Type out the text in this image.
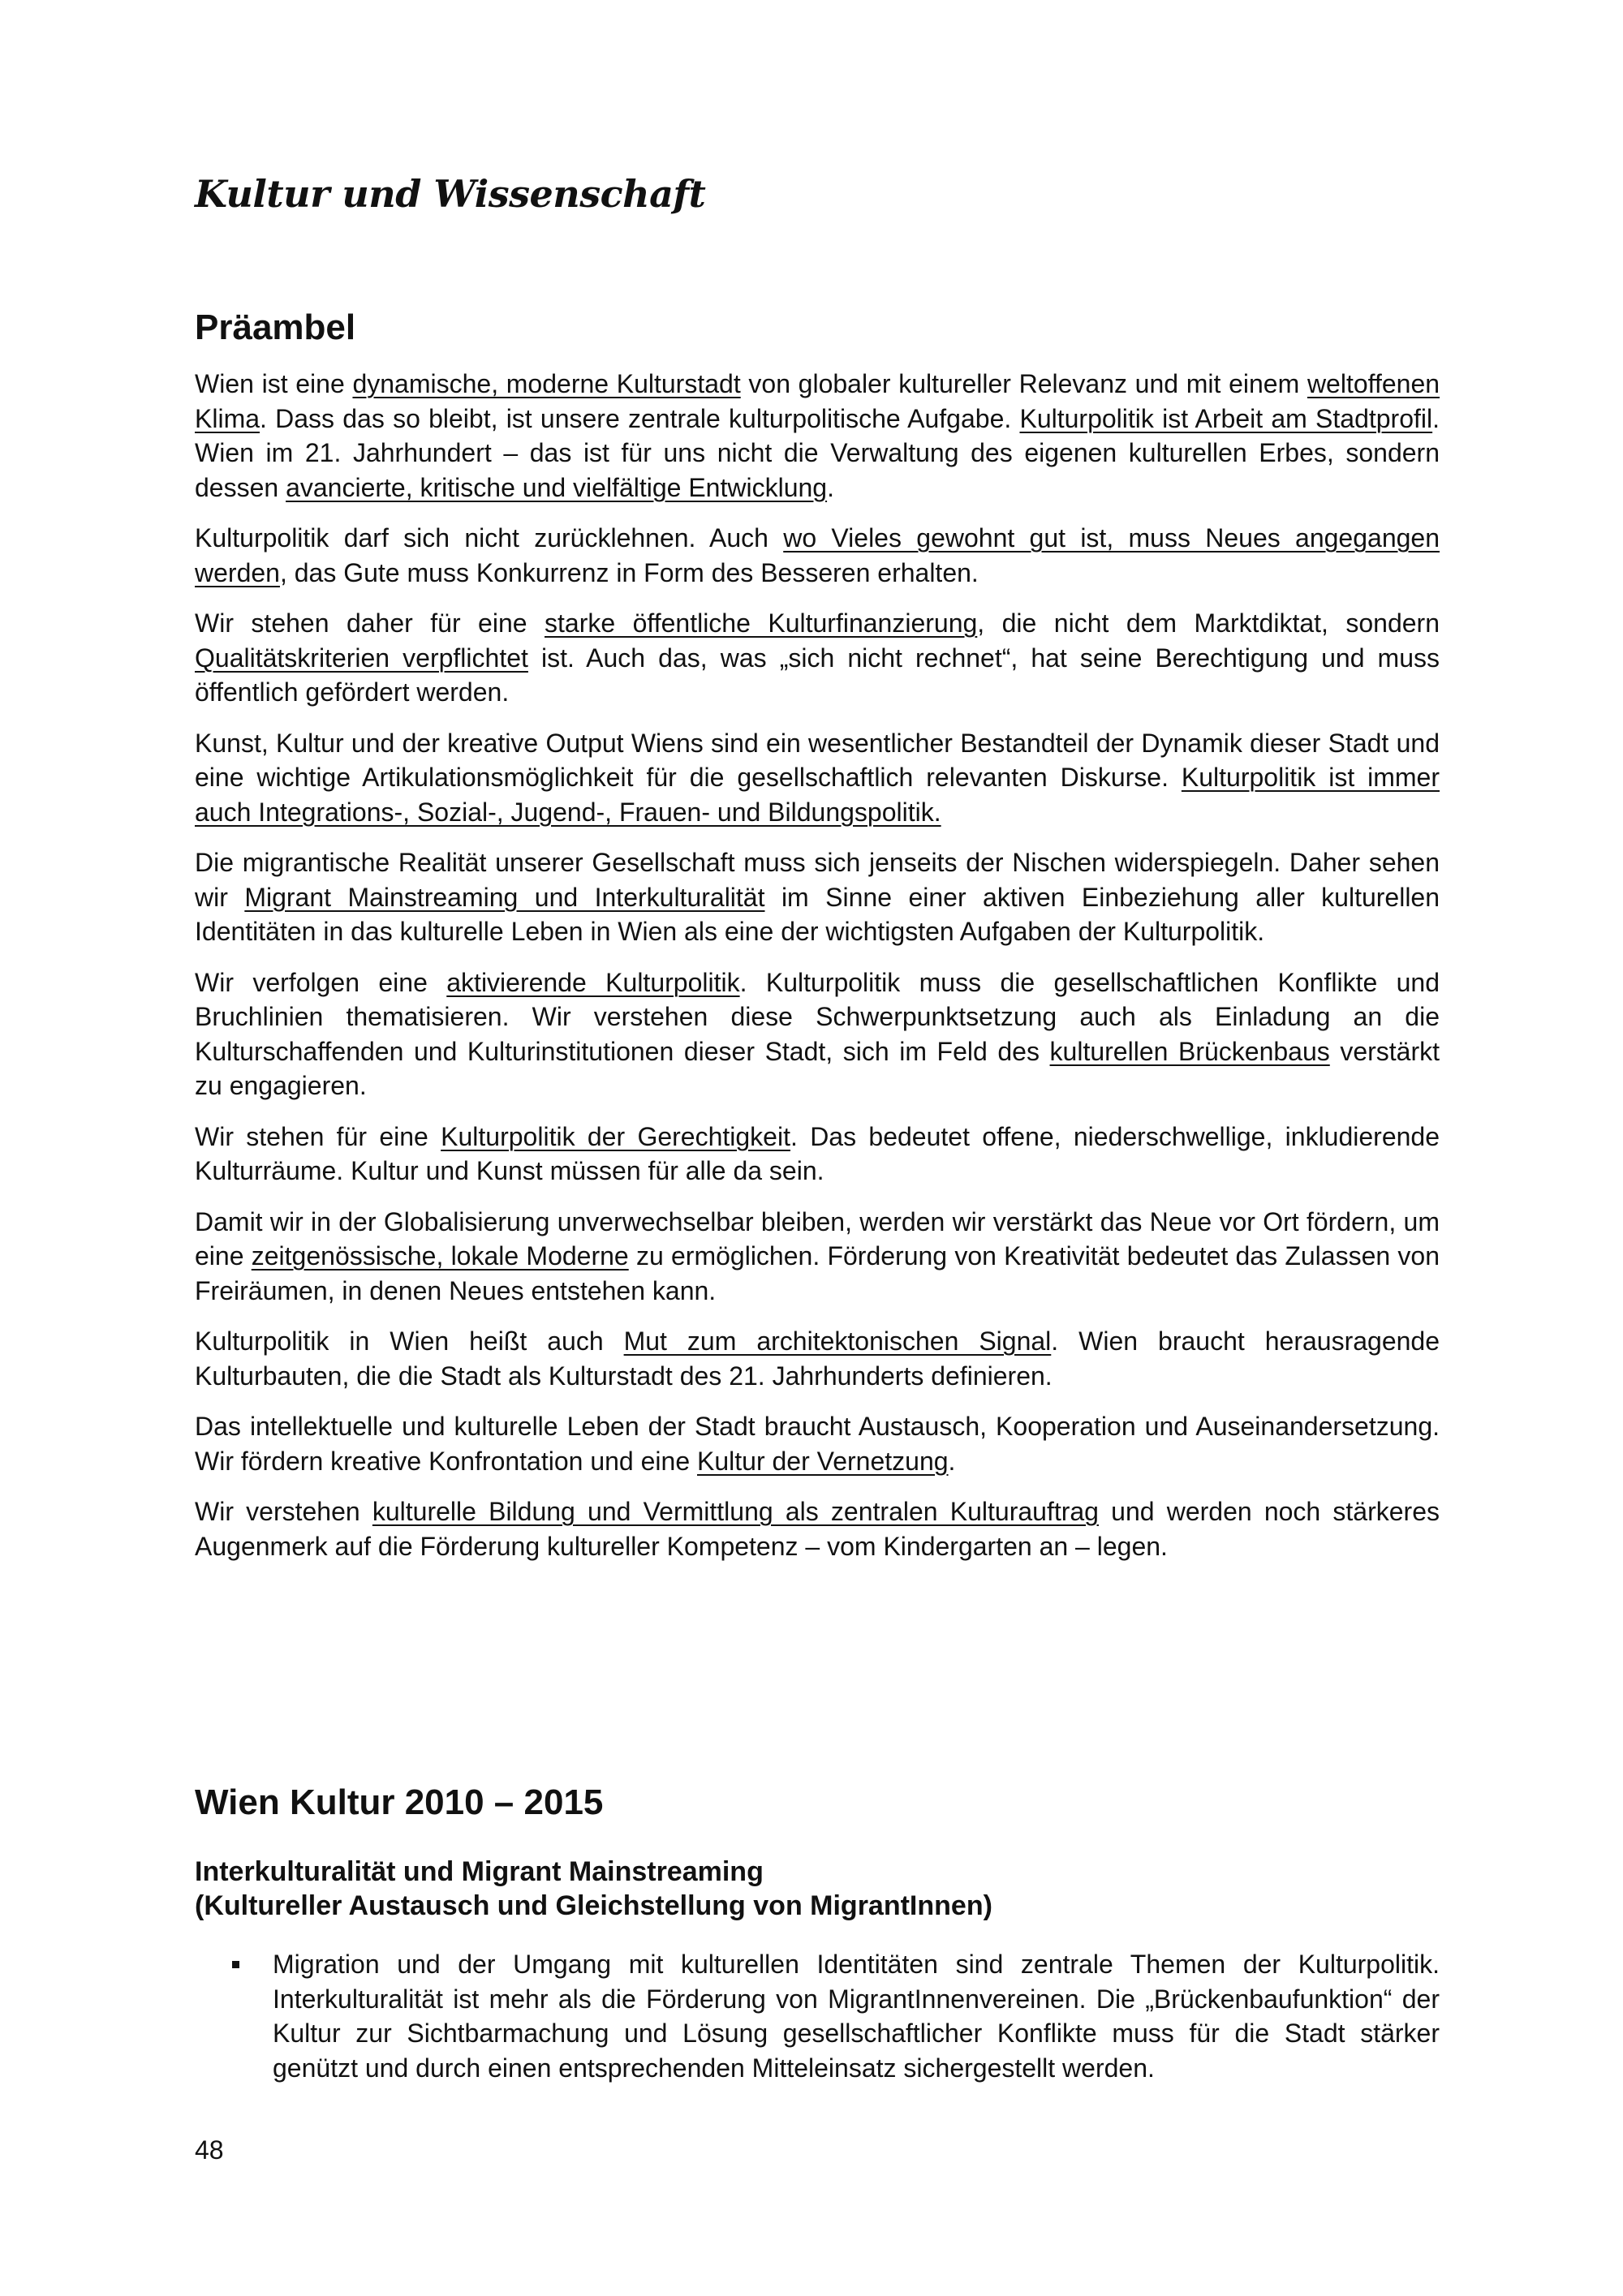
Kultur und Wissenschaft
Präambel

Wien ist eine dynamische, moderne Kulturstadt von globaler kultureller Relevanz und mit einem weltoffenen Klima. Dass das so bleibt, ist unsere zentrale kulturpolitische Aufgabe. Kulturpolitik ist Arbeit am Stadtprofil. Wien im 21. Jahrhundert – das ist für uns nicht die Verwaltung des eigenen kulturellen Erbes, sondern dessen avancierte, kritische und vielfältige Entwicklung.

Kulturpolitik darf sich nicht zurücklehnen. Auch wo Vieles gewohnt gut ist, muss Neues angegangen werden, das Gute muss Konkurrenz in Form des Besseren erhalten.

Wir stehen daher für eine starke öffentliche Kulturfinanzierung, die nicht dem Marktdiktat, sondern Qualitätskriterien verpflichtet ist. Auch das, was „sich nicht rechnet“, hat seine Berechtigung und muss öffentlich gefördert werden.

Kunst, Kultur und der kreative Output Wiens sind ein wesentlicher Bestandteil der Dynamik dieser Stadt und eine wichtige Artikulationsmöglichkeit für die gesellschaftlich relevanten Diskurse. Kulturpolitik ist immer auch Integrations-, Sozial-, Jugend-, Frauen- und Bildungspolitik.

Die migrantische Realität unserer Gesellschaft muss sich jenseits der Nischen widerspiegeln. Daher sehen wir Migrant Mainstreaming und Interkulturalität im Sinne einer aktiven Einbeziehung aller kulturellen Identitäten in das kulturelle Leben in Wien als eine der wichtigsten Aufgaben der Kulturpolitik.

Wir verfolgen eine aktivierende Kulturpolitik. Kulturpolitik muss die gesellschaftlichen Konflikte und Bruchlinien thematisieren. Wir verstehen diese Schwerpunktsetzung auch als Einladung an die Kulturschaffenden und Kulturinstitutionen dieser Stadt, sich im Feld des kulturellen Brückenbaus verstärkt zu engagieren.

Wir stehen für eine Kulturpolitik der Gerechtigkeit. Das bedeutet offene, niederschwellige, inkludierende Kulturräume. Kultur und Kunst müssen für alle da sein.

Damit wir in der Globalisierung unverwechselbar bleiben, werden wir verstärkt das Neue vor Ort fördern, um eine zeitgenössische, lokale Moderne zu ermöglichen. Förderung von Kreativität bedeutet das Zulassen von Freiräumen, in denen Neues entstehen kann.

Kulturpolitik in Wien heißt auch Mut zum architektonischen Signal. Wien braucht herausragende Kulturbauten, die die Stadt als Kulturstadt des 21. Jahrhunderts definieren.

Das intellektuelle und kulturelle Leben der Stadt braucht Austausch, Kooperation und Auseinandersetzung. Wir fördern kreative Konfrontation und eine Kultur der Vernetzung.

Wir verstehen kulturelle Bildung und Vermittlung als zentralen Kulturauftrag und werden noch stärkeres Augenmerk auf die Förderung kultureller Kompetenz – vom Kindergarten an – legen.

Wien Kultur 2010 – 2015
Interkulturalität und Migrant Mainstreaming
(Kultureller Austausch und Gleichstellung von MigrantInnen)
Migration und der Umgang mit kulturellen Identitäten sind zentrale Themen der Kulturpolitik. Interkulturalität ist mehr als die Förderung von MigrantInnenvereinen. Die „Brückenbaufunktion“ der Kultur zur Sichtbarmachung und Lösung gesellschaftlicher Konflikte muss für die Stadt stärker genützt und durch einen entsprechenden Mitteleinsatz sichergestellt werden.
48
